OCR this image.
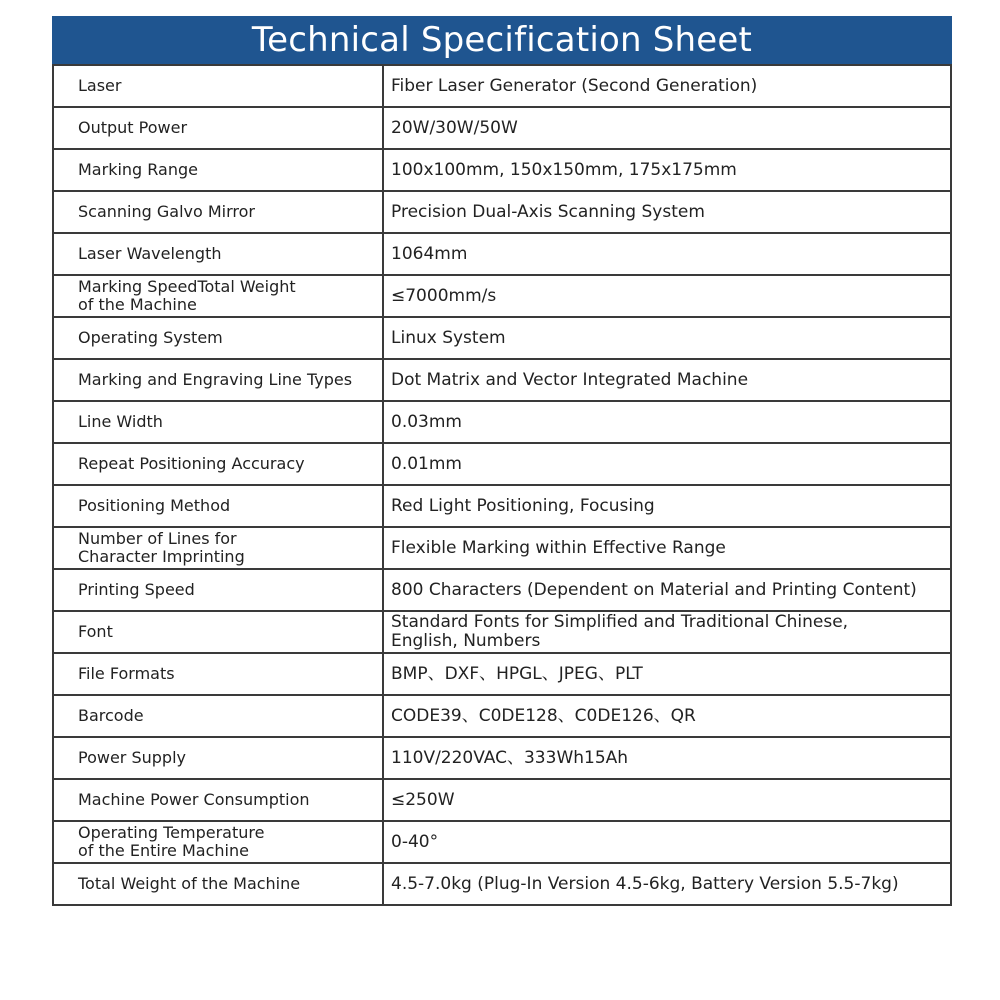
Technical Specification Sheet
Laser	Fiber Laser Generator (Second Generation)
Output Power	20W/30W/50W
Marking Range	100x100mm, 150x150mm, 175x175mm
Scanning Galvo Mirror	Precision Dual-Axis Scanning System
Laser Wavelength	1064mm
Marking SpeedTotal Weight
of the Machine	≤7000mm/s
Operating System	Linux System
Marking and Engraving Line Types	Dot Matrix and Vector Integrated Machine
Line Width	0.03mm
Repeat Positioning Accuracy	0.01mm
Positioning Method	Red Light Positioning, Focusing
Number of Lines for
Character Imprinting	Flexible Marking within Effective Range
Printing Speed	800 Characters (Dependent on Material and Printing Content)
Font	Standard Fonts for Simplified and Traditional Chinese,
English, Numbers
File Formats	BMP、DXF、HPGL、JPEG、PLT
Barcode	CODE39、C0DE128、C0DE126、QR
Power Supply	110V/220VAC、333Wh15Ah
Machine Power Consumption	≤250W
Operating Temperature
of the Entire Machine	0-40°
Total Weight of the Machine	4.5-7.0kg (Plug-In Version 4.5-6kg, Battery Version 5.5-7kg)
